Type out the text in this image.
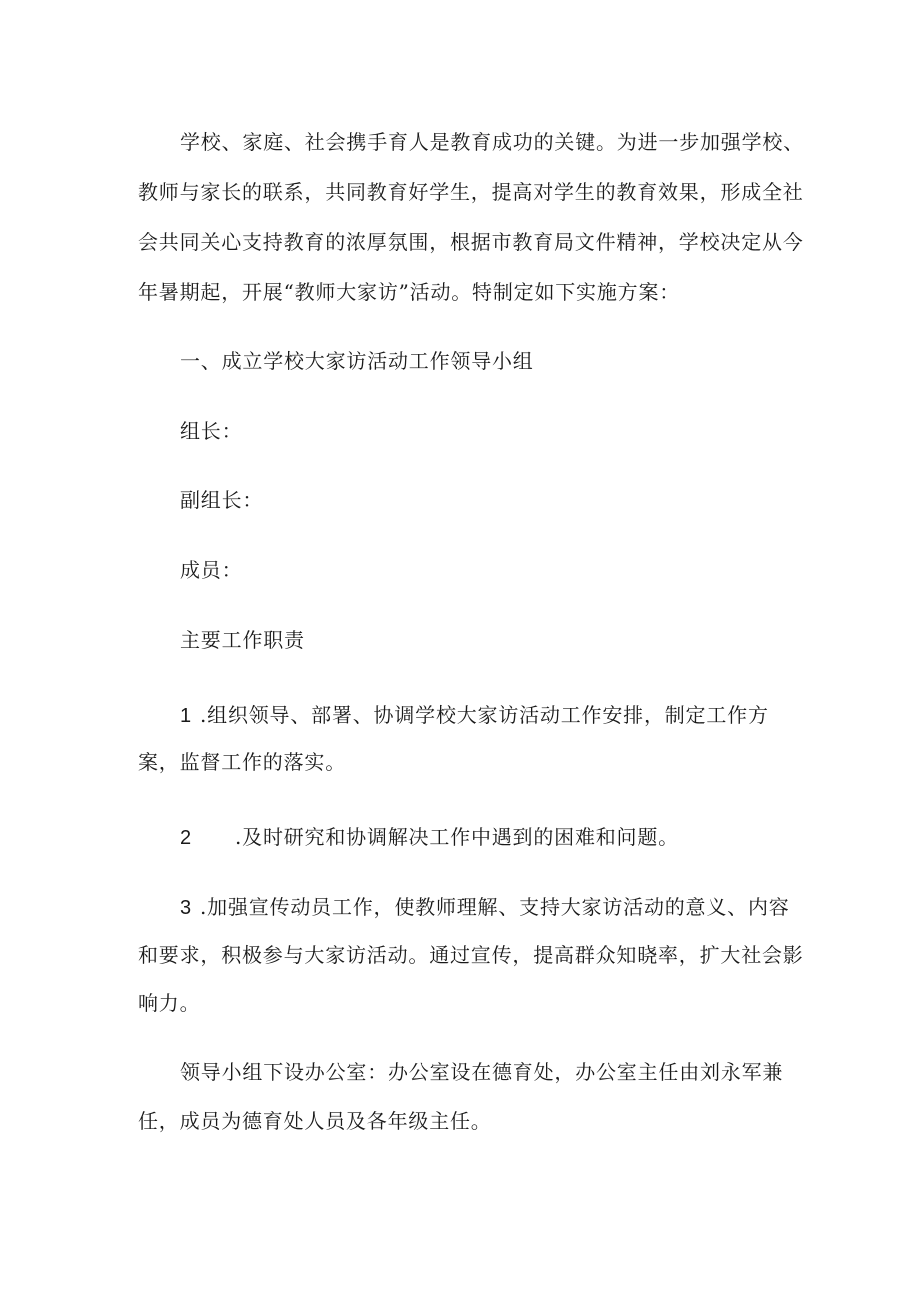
学校、家庭、社会携手育人是教育成功的关键。为进一步加强学校、

教师与家长的联系，共同教育好学生，提高对学生的教育效果，形成全社

会共同关心支持教育的浓厚氛围，根据市教育局文件精神，学校决定从今

年暑期起，开展“教师大家访”活动。特制定如下实施方案：

一、成立学校大家访活动工作领导小组

组长：

副组长：

成员：

主要工作职责

1 .组织领导、部署、协调学校大家访活动工作安排，制定工作方

案，监督工作的落实。

2 .及时研究和协调解决工作中遇到的困难和问题。

3 .加强宣传动员工作，使教师理解、支持大家访活动的意义、内容

和要求，积极参与大家访活动。通过宣传，提高群众知晓率，扩大社会影

响力。

领导小组下设办公室：办公室设在德育处，办公室主任由刘永军兼

任，成员为德育处人员及各年级主任。
